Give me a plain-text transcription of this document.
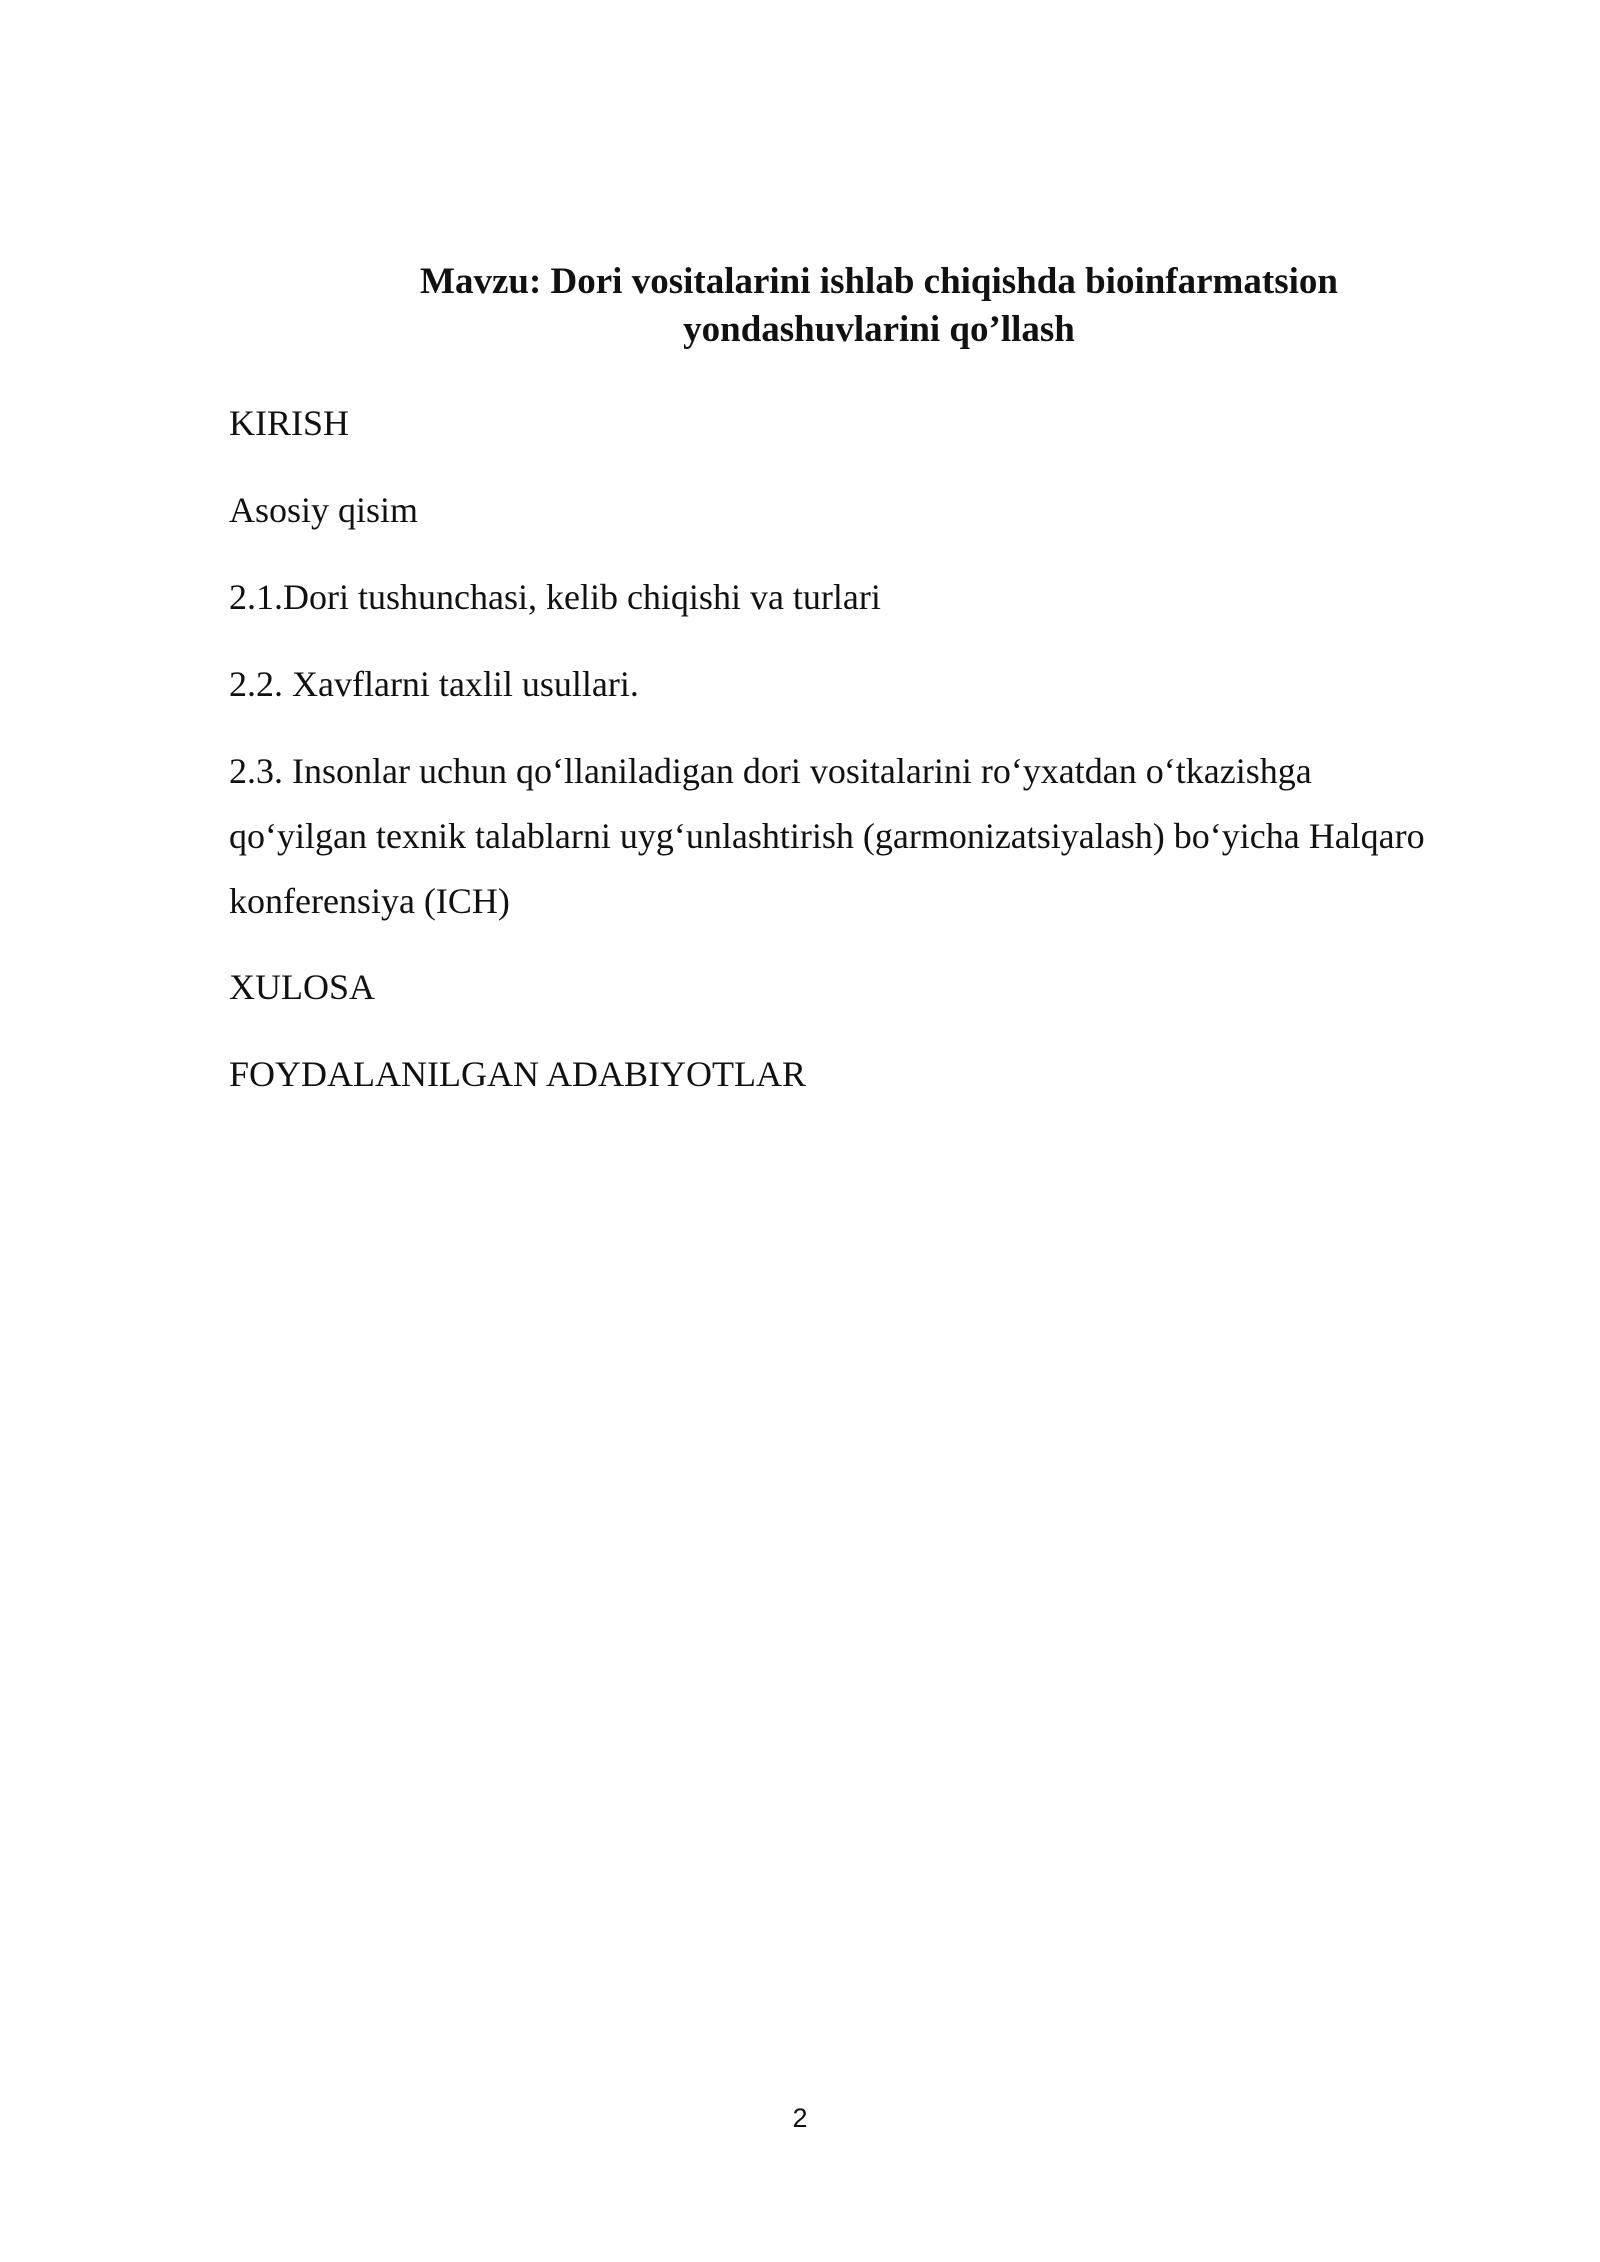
Mavzu: Dori vositalarini ishlab chiqishda bioinfarmatsion
yondashuvlarini qo’llash

KIRISH

Asosiy qisim

2.1.Dori tushunchasi, kelib chiqishi va turlari

2.2. Xavflarni taxlil usullari.

2.3. Insonlar uchun qo‘llaniladigan dori vositalarini ro‘yxatdan o‘tkazishga
qo‘yilgan texnik talablarni uyg‘unlashtirish (garmonizatsiyalash) bo‘yicha Halqaro
konferensiya (ICH)

XULOSA

FOYDALANILGAN ADABIYOTLAR

2
